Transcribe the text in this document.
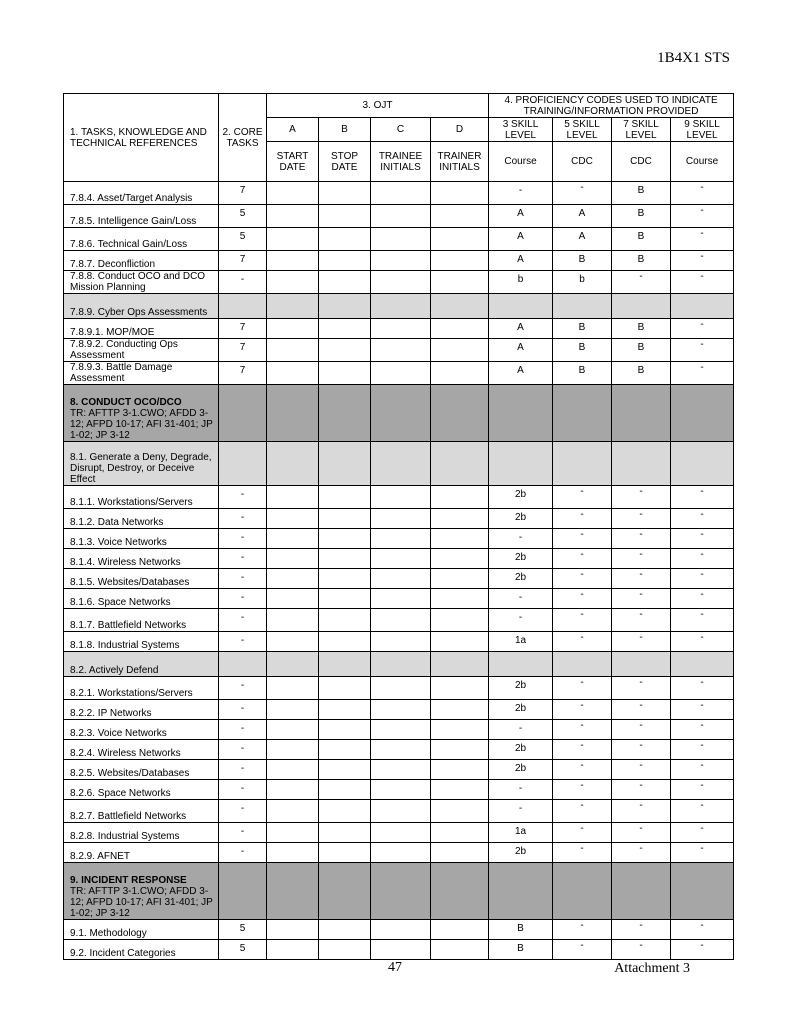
1B4X1 STS
1. TASKS, KNOWLEDGE AND TECHNICAL REFERENCES	2. CORE TASKS	3. OJT				4. PROFICIENCY CODES USED TO INDICATE TRAINING/INFORMATION PROVIDED			
		A	B	C	D	3 SKILL LEVEL	5 SKILL LEVEL	7 SKILL LEVEL	9 SKILL LEVEL
		START DATE	STOP DATE	TRAINEE INITIALS	TRAINER INITIALS	Course	CDC	CDC	Course
7.8.4. Asset/Target Analysis	7					-	-	B	-
7.8.5. Intelligence Gain/Loss	5					A	A	B	-
7.8.6. Technical Gain/Loss	5					A	A	B	-
7.8.7. Deconfliction	7					A	B	B	-
7.8.8. Conduct OCO and DCO Mission Planning	-					b	b	-	-
7.8.9. Cyber Ops Assessments									
7.8.9.1. MOP/MOE	7					A	B	B	-
7.8.9.2. Conducting Ops Assessment	7					A	B	B	-
7.8.9.3. Battle Damage Assessment	7					A	B	B	-
8. CONDUCT OCO/DCO
TR: AFTTP 3-1.CWO; AFDD 3-12; AFPD 10-17; AFI 31-401; JP 1-02; JP 3-12									
8.1. Generate a Deny, Degrade, Disrupt, Destroy, or Deceive Effect									
8.1.1. Workstations/Servers	-					2b	-	-	-
8.1.2. Data Networks	-					2b	-	-	-
8.1.3. Voice Networks	-					-	-	-	-
8.1.4. Wireless Networks	-					2b	-	-	-
8.1.5. Websites/Databases	-					2b	-	-	-
8.1.6. Space Networks	-					-	-	-	-
8.1.7. Battlefield Networks	-					-	-	-	-
8.1.8. Industrial Systems	-					1a	-	-	-
8.2. Actively Defend									
8.2.1. Workstations/Servers	-					2b	-	-	-
8.2.2. IP Networks	-					2b	-	-	-
8.2.3. Voice Networks	-					-	-	-	-
8.2.4. Wireless Networks	-					2b	-	-	-
8.2.5. Websites/Databases	-					2b	-	-	-
8.2.6. Space Networks	-					-	-	-	-
8.2.7. Battlefield Networks	-					-	-	-	-
8.2.8. Industrial Systems	-					1a	-	-	-
8.2.9. AFNET	-					2b	-	-	-
9. INCIDENT RESPONSE
TR: AFTTP 3-1.CWO; AFDD 3-12; AFPD 10-17; AFI 31-401; JP 1-02; JP 3-12									
9.1. Methodology	5					B	-	-	-
9.2. Incident Categories	5					B	-	-	-
47	Attachment 3
